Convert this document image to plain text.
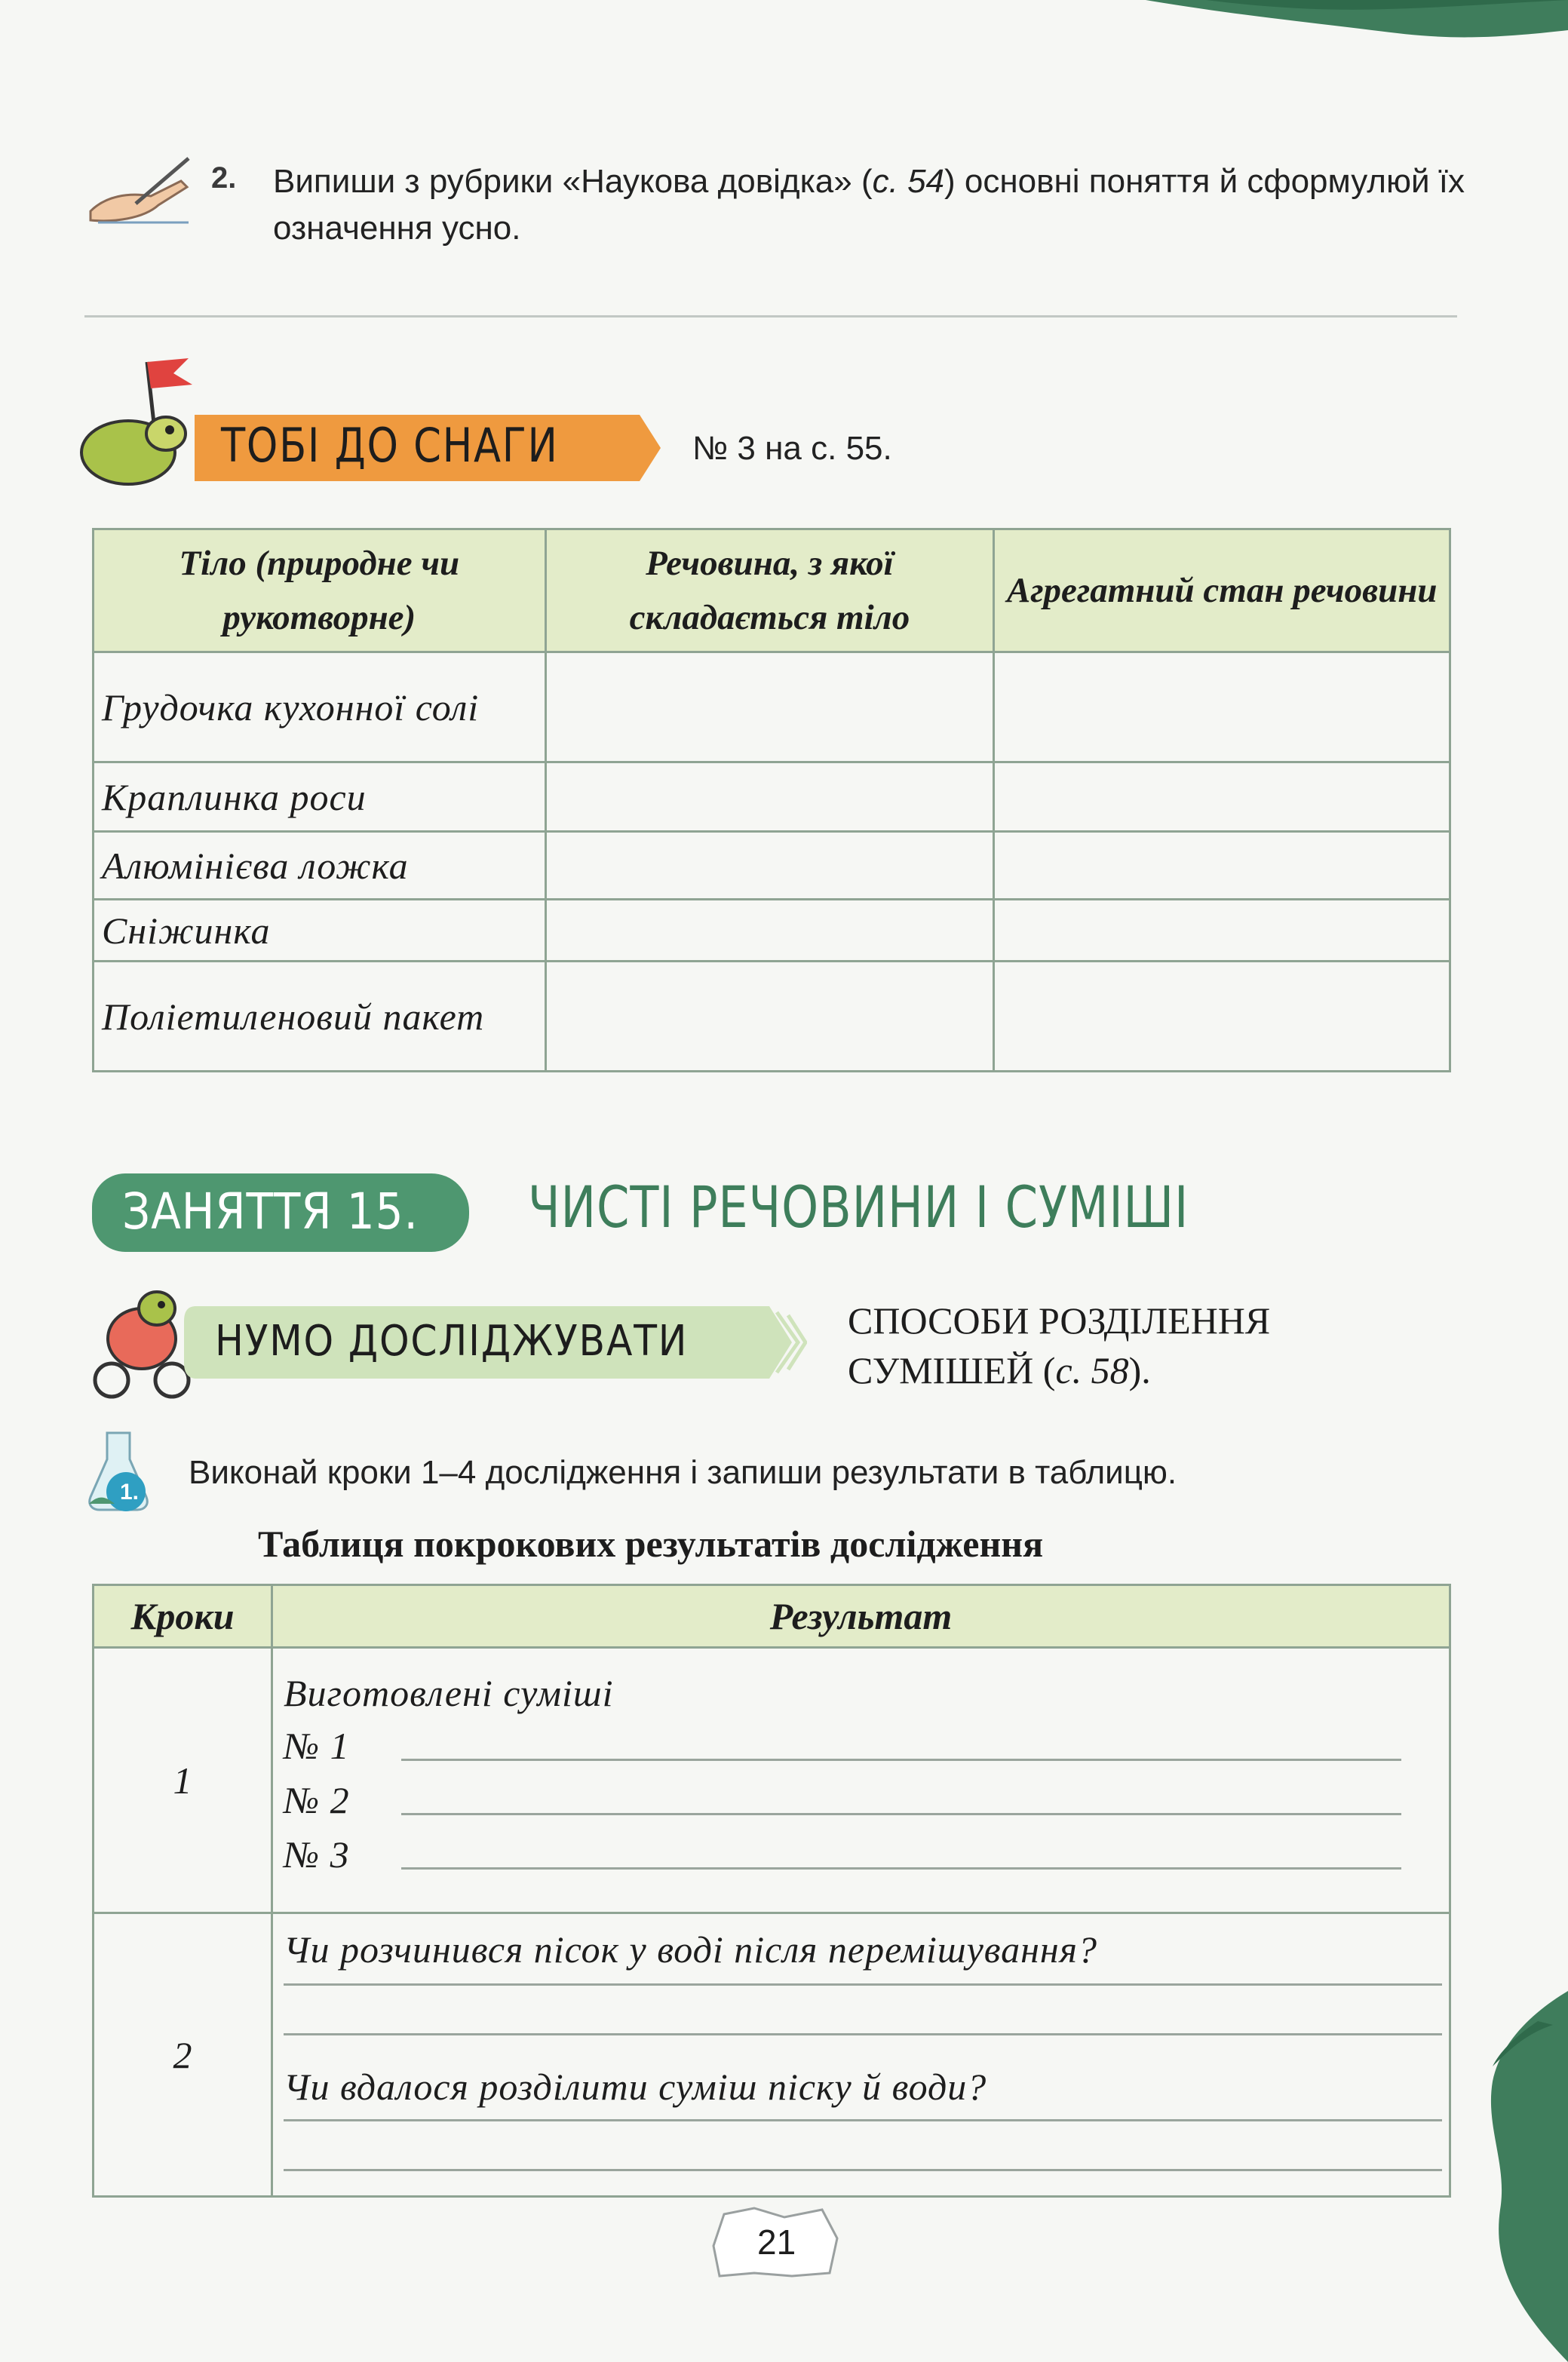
2. Випиши з рубрики «Наукова довідка» (с. 54) основні поняття й сформулюй їх означення усно.
ТОБІ ДО СНАГИ	№ 3 на с. 55.
Тіло (природне чи рукотворне)	Речовина, з якої складається тіло	Агрегатний стан речовини
Грудочка кухонної солі		
Краплинка роси		
Алюмінієва ложка		
Сніжинка		
Поліетиленовий пакет		
ЗАНЯТТЯ 15. ЧИСТІ РЕЧОВИНИ І СУМІШІ
НУМО ДОСЛІДЖУВАТИ	СПОСОБИ РОЗДІЛЕННЯ
СУМІШЕЙ (с. 58).
1.
Виконай кроки 1–4 дослідження і запиши результати в таблицю.
Таблиця покрокових результатів дослідження
Кроки	Результат
1	Виготовлені суміші
№ 1
№ 2
№ 3

2	Чи розчинився пісок у воді після перемішування?
Чи вдалося розділити суміш піску й води?
21
